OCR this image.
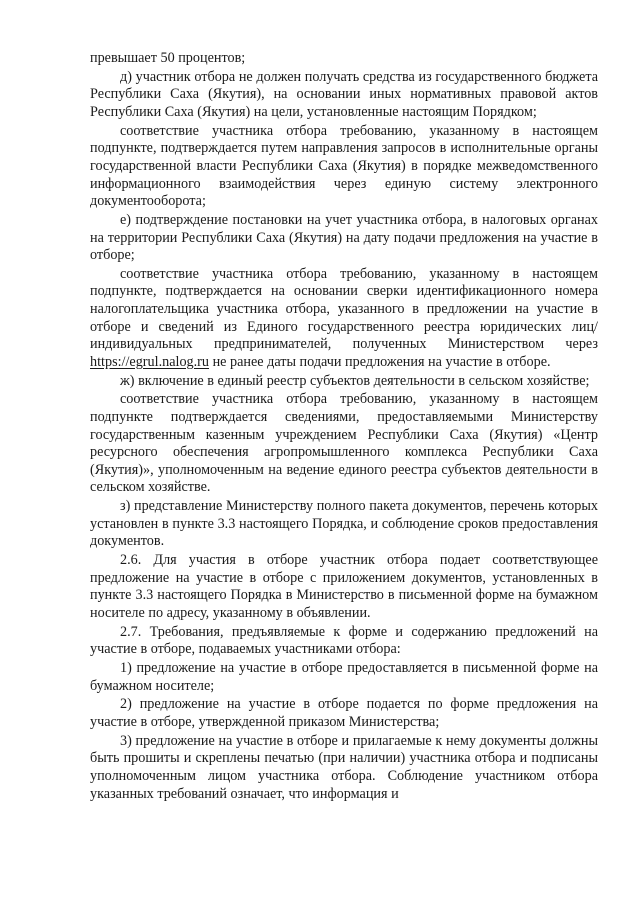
превышает 50 процентов;

д) участник отбора не должен получать средства из государственного бюджета Республики Саха (Якутия), на основании иных нормативных правовой актов Республики Саха (Якутия) на цели, установленные настоящим Порядком;

соответствие участника отбора требованию, указанному в настоящем подпункте, подтверждается путем направления запросов в исполнительные органы государственной власти Республики Саха (Якутия) в порядке межведомственного информационного взаимодействия через единую систему электронного документооборота;

е) подтверждение постановки на учет участника отбора, в налоговых органах на территории Республики Саха (Якутия) на дату подачи предложения на участие в отборе;

соответствие участника отбора требованию, указанному в настоящем подпункте, подтверждается на основании сверки идентификационного номера налогоплательщика участника отбора, указанного в предложении на участие в отборе и сведений из Единого государственного реестра юридических лиц/индивидуальных предпринимателей, полученных Министерством через https://egrul.nalog.ru не ранее даты подачи предложения на участие в отборе.

ж) включение в единый реестр субъектов деятельности в сельском хозяйстве;

соответствие участника отбора требованию, указанному в настоящем подпункте подтверждается сведениями, предоставляемыми Министерству государственным казенным учреждением Республики Саха (Якутия) «Центр ресурсного обеспечения агропромышленного комплекса Республики Саха (Якутия)», уполномоченным на ведение единого реестра субъектов деятельности в сельском хозяйстве.

з) представление Министерству полного пакета документов, перечень которых установлен в пункте 3.3 настоящего Порядка, и соблюдение сроков предоставления документов.

2.6. Для участия в отборе участник отбора подает соответствующее предложение на участие в отборе с приложением документов, установленных в пункте 3.3 настоящего Порядка в Министерство в письменной форме на бумажном носителе по адресу, указанному в объявлении.

2.7. Требования, предъявляемые к форме и содержанию предложений на участие в отборе, подаваемых участниками отбора:

1) предложение на участие в отборе предоставляется в письменной форме на бумажном носителе;

2) предложение на участие в отборе подается по форме предложения на участие в отборе, утвержденной приказом Министерства;

3) предложение на участие в отборе и прилагаемые к нему документы должны быть прошиты и скреплены печатью (при наличии) участника отбора и подписаны уполномоченным лицом участника отбора. Соблюдение участником отбора указанных требований означает, что информация и
